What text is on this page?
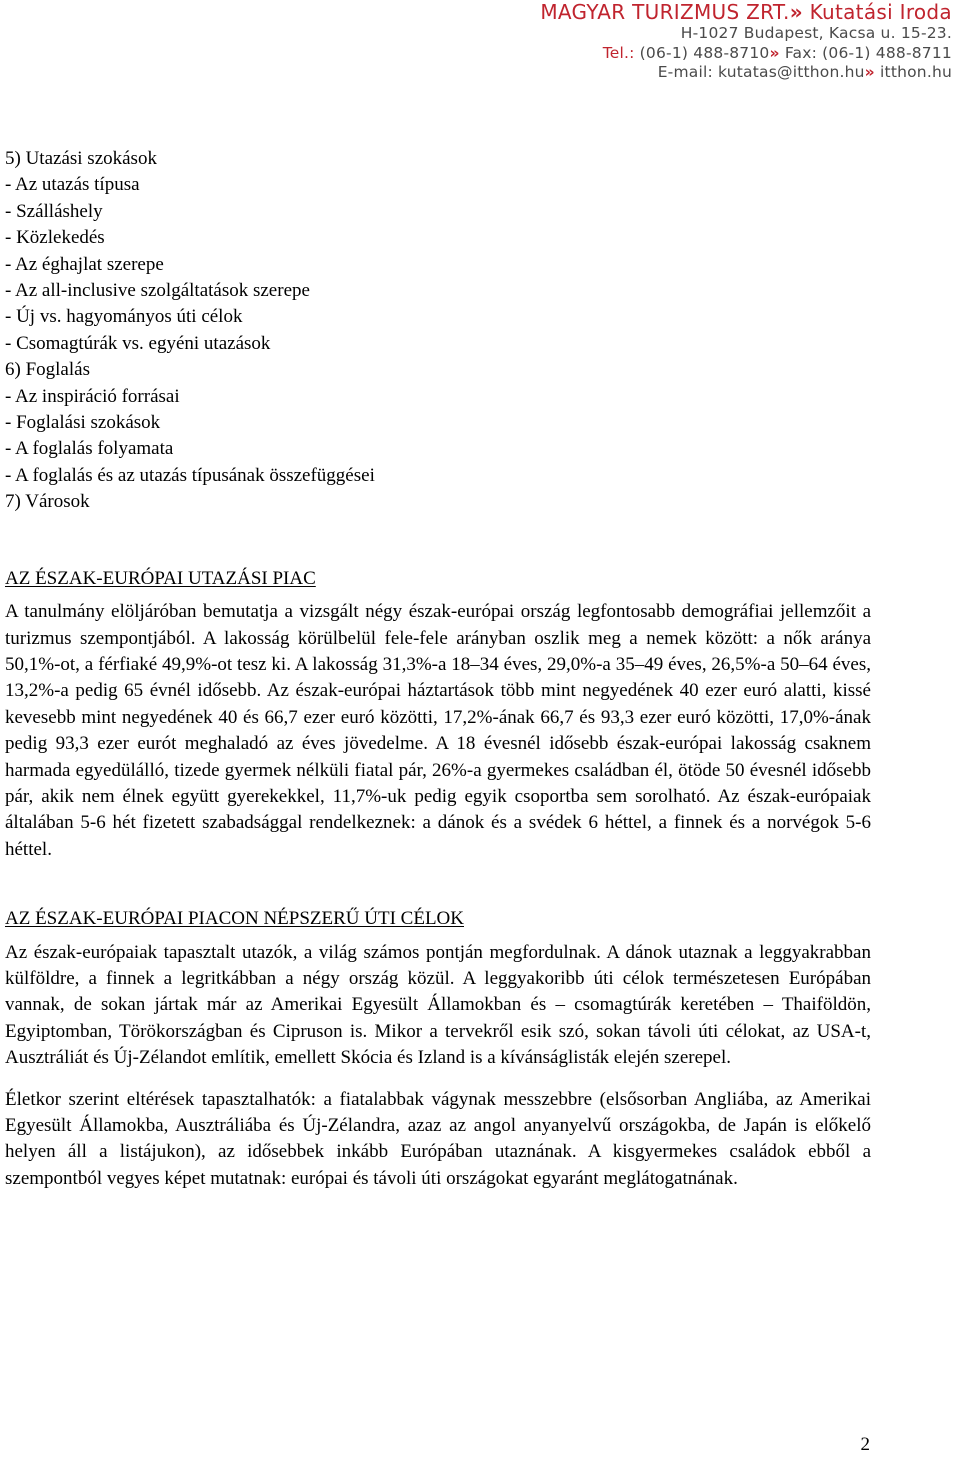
MAGYAR TURIZMUS ZRT.» Kutatási Iroda
H-1027 Budapest, Kacsa u. 15-23.
Tel.: (06-1) 488-8710» Fax: (06-1) 488-8711
E-mail: kutatas@itthon.hu» itthon.hu
5) Utazási szokások
- Az utazás típusa
- Szálláshely
- Közlekedés
- Az éghajlat szerepe
- Az all-inclusive szolgáltatások szerepe
- Új vs. hagyományos úti célok
- Csomagtúrák vs. egyéni utazások
6) Foglalás
- Az inspiráció forrásai
- Foglalási szokások
- A foglalás folyamata
- A foglalás és az utazás típusának összefüggései
7) Városok
AZ ÉSZAK-EURÓPAI UTAZÁSI PIAC

A tanulmány elöljáróban bemutatja a vizsgált négy észak-európai ország legfontosabb demográfiai jellemzőit a turizmus szempontjából. A lakosság körülbelül fele-fele arányban oszlik meg a nemek között: a nők aránya 50,1%-ot, a férfiaké 49,9%-ot tesz ki. A lakosság 31,3%-a 18–34 éves, 29,0%-a 35–49 éves, 26,5%-a 50–64 éves, 13,2%-a pedig 65 évnél idősebb. Az észak-európai háztartások több mint negyedének 40 ezer euró alatti, kissé kevesebb mint negyedének 40 és 66,7 ezer euró közötti, 17,2%-ának 66,7 és 93,3 ezer euró közötti, 17,0%-ának pedig 93,3 ezer eurót meghaladó az éves jövedelme. A 18 évesnél idősebb észak-európai lakosság csaknem harmada egyedülálló, tizede gyermek nélküli fiatal pár, 26%-a gyermekes családban él, ötöde 50 évesnél idősebb pár, akik nem élnek együtt gyerekekkel, 11,7%-uk pedig egyik csoportba sem sorolható. Az észak-európaiak általában 5-6 hét fizetett szabadsággal rendelkeznek: a dánok és a svédek 6 héttel, a finnek és a norvégok 5-6 héttel.

AZ ÉSZAK-EURÓPAI PIACON NÉPSZERŰ ÚTI CÉLOK

Az észak-európaiak tapasztalt utazók, a világ számos pontján megfordulnak. A dánok utaznak a leggyakrabban külföldre, a finnek a legritkábban a négy ország közül. A leggyakoribb úti célok természetesen Európában vannak, de sokan jártak már az Amerikai Egyesült Államokban és – csomagtúrák keretében – Thaiföldön, Egyiptomban, Törökországban és Cipruson is. Mikor a tervekről esik szó, sokan távoli úti célokat, az USA-t, Ausztráliát és Új-Zélandot említik, emellett Skócia és Izland is a kívánságlisták elején szerepel.

Életkor szerint eltérések tapasztalhatók: a fiatalabbak vágynak messzebbre (elsősorban Angliába, az Amerikai Egyesült Államokba, Ausztráliába és Új-Zélandra, azaz az angol anyanyelvű országokba, de Japán is előkelő helyen áll a listájukon), az idősebbek inkább Európában utaznának. A kisgyermekes családok ebből a szempontból vegyes képet mutatnak: európai és távoli úti országokat egyaránt meglátogatnának.

2
